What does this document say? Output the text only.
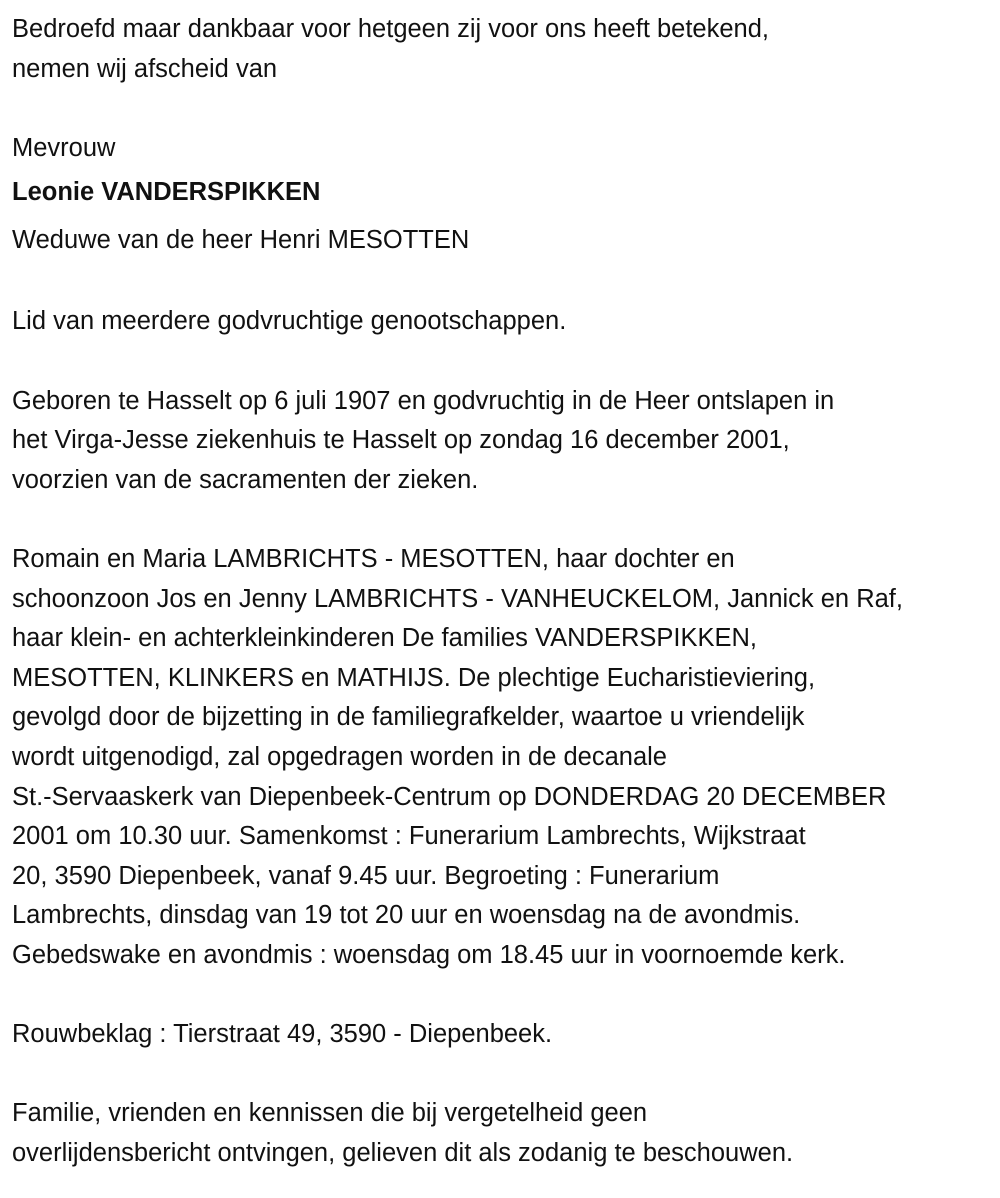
Bedroefd maar dankbaar voor hetgeen zij voor ons heeft betekend,
nemen wij afscheid van
Mevrouw
Leonie VANDERSPIKKEN
Weduwe van de heer Henri MESOTTEN
Lid van meerdere godvruchtige genootschappen.
Geboren te Hasselt op 6 juli 1907 en godvruchtig in de Heer ontslapen in
het Virga-Jesse ziekenhuis te Hasselt op zondag 16 december 2001,
voorzien van de sacramenten der zieken.
Romain en Maria LAMBRICHTS - MESOTTEN, haar dochter en
schoonzoon Jos en Jenny LAMBRICHTS - VANHEUCKELOM, Jannick en Raf,
haar klein- en achterkleinkinderen De families VANDERSPIKKEN,
MESOTTEN, KLINKERS en MATHIJS. De plechtige Eucharistieviering,
gevolgd door de bijzetting in de familiegrafkelder, waartoe u vriendelijk
wordt uitgenodigd, zal opgedragen worden in de decanale
St.-Servaaskerk van Diepenbeek-Centrum op DONDERDAG 20 DECEMBER
2001 om 10.30 uur. Samenkomst : Funerarium Lambrechts, Wijkstraat
20, 3590 Diepenbeek, vanaf 9.45 uur. Begroeting : Funerarium
Lambrechts, dinsdag van 19 tot 20 uur en woensdag na de avondmis.
Gebedswake en avondmis : woensdag om 18.45 uur in voornoemde kerk.
Rouwbeklag : Tierstraat 49, 3590 - Diepenbeek.
Familie, vrienden en kennissen die bij vergetelheid geen
overlijdensbericht ontvingen, gelieven dit als zodanig te beschouwen.
